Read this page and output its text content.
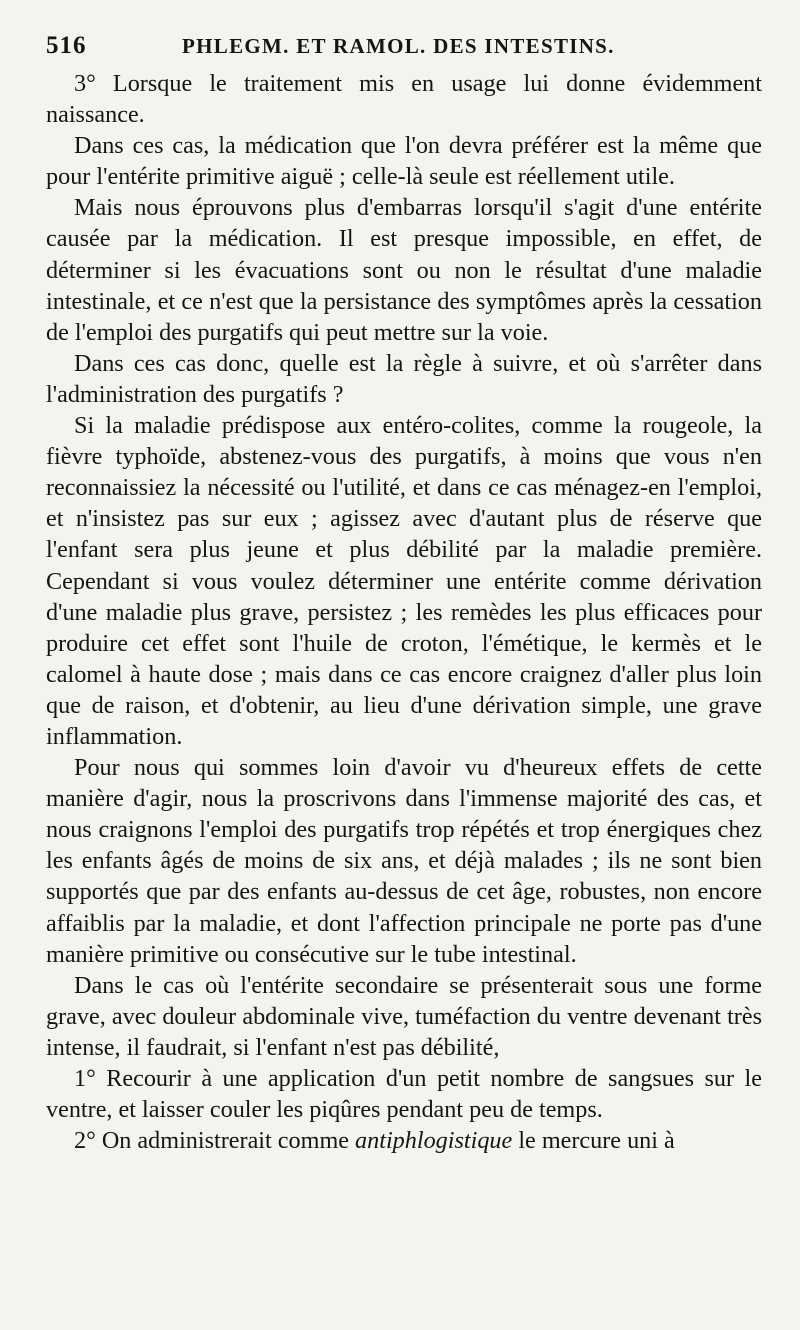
516	PHLEGM. ET RAMOL. DES INTESTINS.

3° Lorsque le traitement mis en usage lui donne évidemment naissance.

Dans ces cas, la médication que l'on devra préférer est la même que pour l'entérite primitive aiguë ; celle-là seule est réellement utile.

Mais nous éprouvons plus d'embarras lorsqu'il s'agit d'une entérite causée par la médication. Il est presque impossible, en effet, de déterminer si les évacuations sont ou non le résultat d'une maladie intestinale, et ce n'est que la persistance des symptômes après la cessation de l'emploi des purgatifs qui peut mettre sur la voie.

Dans ces cas donc, quelle est la règle à suivre, et où s'arrêter dans l'administration des purgatifs ?

Si la maladie prédispose aux entéro-colites, comme la rougeole, la fièvre typhoïde, abstenez-vous des purgatifs, à moins que vous n'en reconnaissiez la nécessité ou l'utilité, et dans ce cas ménagez-en l'emploi, et n'insistez pas sur eux ; agissez avec d'autant plus de réserve que l'enfant sera plus jeune et plus débilité par la maladie première. Cependant si vous voulez déterminer une entérite comme dérivation d'une maladie plus grave, persistez ; les remèdes les plus efficaces pour produire cet effet sont l'huile de croton, l'émétique, le kermès et le calomel à haute dose ; mais dans ce cas encore craignez d'aller plus loin que de raison, et d'obtenir, au lieu d'une dérivation simple, une grave inflammation.

Pour nous qui sommes loin d'avoir vu d'heureux effets de cette manière d'agir, nous la proscrivons dans l'immense majorité des cas, et nous craignons l'emploi des purgatifs trop répétés et trop énergiques chez les enfants âgés de moins de six ans, et déjà malades ; ils ne sont bien supportés que par des enfants au-dessus de cet âge, robustes, non encore affaiblis par la maladie, et dont l'affection principale ne porte pas d'une manière primitive ou consécutive sur le tube intestinal.

Dans le cas où l'entérite secondaire se présenterait sous une forme grave, avec douleur abdominale vive, tuméfaction du ventre devenant très intense, il faudrait, si l'enfant n'est pas débilité,

1° Recourir à une application d'un petit nombre de sangsues sur le ventre, et laisser couler les piqûres pendant peu de temps.

2° On administrerait comme antiphlogistique le mercure uni à
